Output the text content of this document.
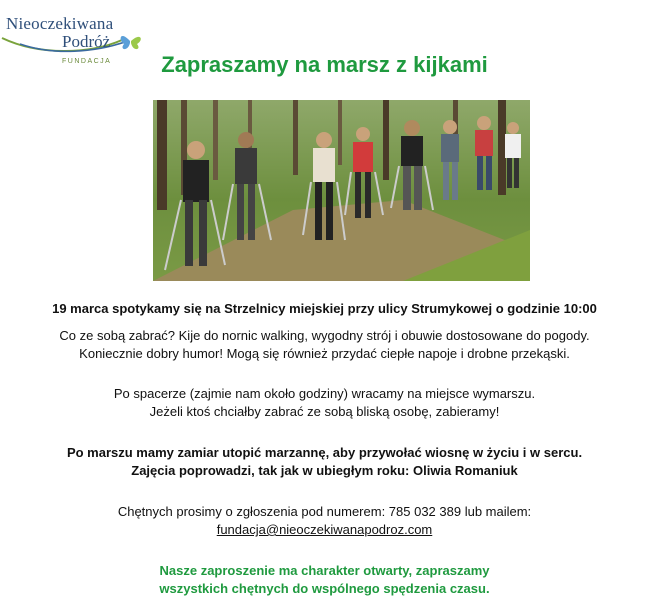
Nieoczekiwana
Podróż
FUNDACJA	Zapraszamy na marsz z kijkami
19 marca spotykamy się na Strzelnicy miejskiej przy ulicy Strumykowej o godzinie 10:00
Co ze sobą zabrać? Kije do nornic walking, wygodny strój i obuwie dostosowane do pogody.
Koniecznie dobry humor! Mogą się również przydać ciepłe napoje i drobne przekąski.
Po spacerze (zajmie nam około godziny) wracamy na miejsce wymarszu.
Jeżeli ktoś chciałby zabrać ze sobą bliską osobę, zabieramy!
Po marszu mamy zamiar utopić marzannę, aby przywołać wiosnę w życiu i w sercu.
Zajęcia poprowadzi, tak jak w ubiegłym roku: Oliwia Romaniuk
Chętnych prosimy o zgłoszenia pod numerem: 785 032 389 lub mailem:
fundacja@nieoczekiwanapodroz.com
Nasze zaproszenie ma charakter otwarty, zapraszamy
wszystkich chętnych do wspólnego spędzenia czasu.
